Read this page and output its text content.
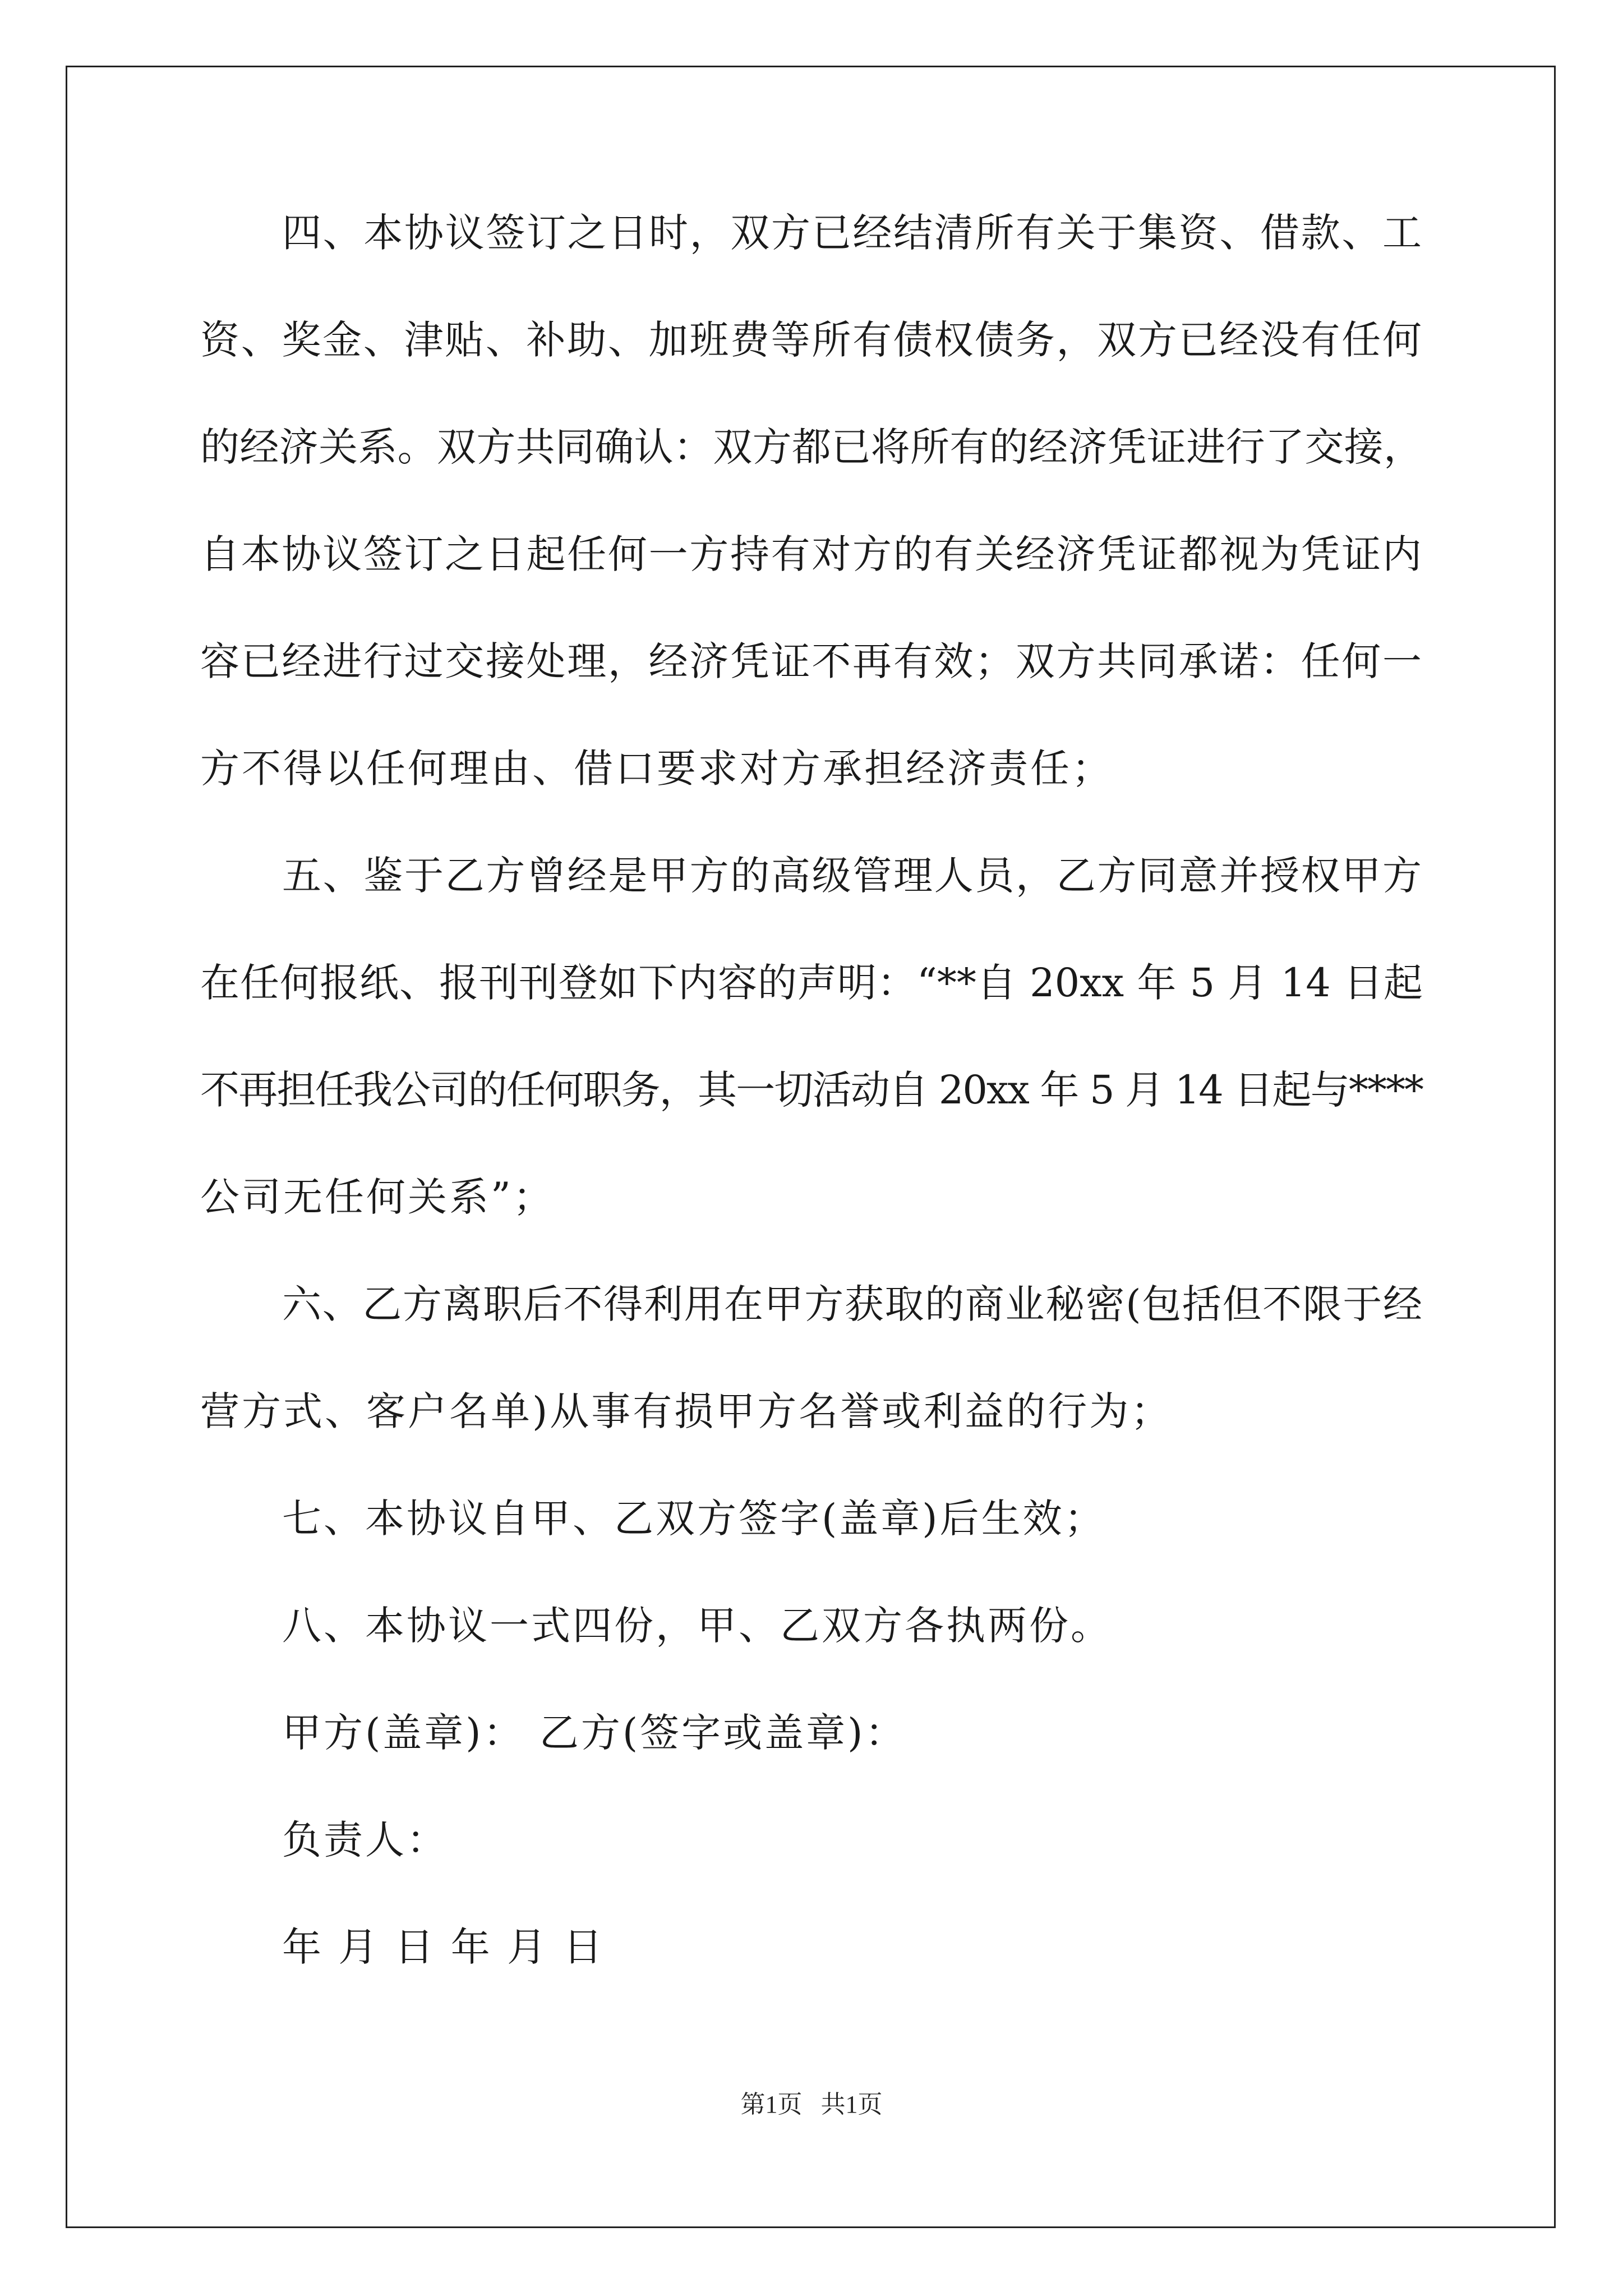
四、本协议签订之日时，双方已经结清所有关于集资、借款、工
资、奖金、津贴、补助、加班费等所有债权债务，双方已经没有任何
的经济关系。双方共同确认：双方都已将所有的经济凭证进行了交接，
自本协议签订之日起任何一方持有对方的有关经济凭证都视为凭证内
容已经进行过交接处理，经济凭证不再有效；双方共同承诺：任何一
方不得以任何理由、借口要求对方承担经济责任；
五、鉴于乙方曾经是甲方的高级管理人员，乙方同意并授权甲方
在任何报纸、报刊刊登如下内容的声明：“**自 20xx 年 5 月 14 日起
不再担任我公司的任何职务，其一切活动自 20xx 年 5 月 14 日起与****
公司无任何关系”；
六、乙方离职后不得利用在甲方获取的商业秘密(包括但不限于经
营方式、客户名单)从事有损甲方名誉或利益的行为；
七、本协议自甲、乙双方签字(盖章)后生效；
八、本协议一式四份，甲、乙双方各执两份。
甲方(盖章)： 乙方(签字或盖章)：
负责人：
年 月 日 年 月 日
第1页   共1页
